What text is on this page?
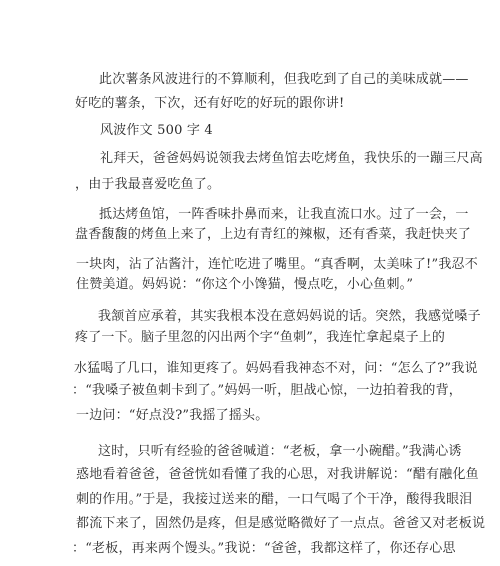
此次薯条风波进行的不算顺利，但我吃到了自己的美味成就——
好吃的薯条，下次，还有好吃的好玩的跟你讲!
风波作文 500 字 4
礼拜天，爸爸妈妈说领我去烤鱼馆去吃烤鱼，我快乐的一蹦三尺高
，由于我最喜爱吃鱼了。
抵达烤鱼馆，一阵香味扑鼻而来，让我直流口水。过了一会，一
盘香馥馥的烤鱼上来了，上边有青红的辣椒，还有香菜，我赶快夹了
一块肉，沾了沾酱汁，连忙吃进了嘴里。“真香啊，太美味了!”我忍不
住赞美道。妈妈说：“你这个小馋猫，慢点吃，小心鱼刺。”
我颔首应承着，其实我根本没在意妈妈说的话。突然，我感觉嗓子
疼了一下。脑子里忽的闪出两个字“鱼刺”，我连忙拿起桌子上的
水猛喝了几口，谁知更疼了。妈妈看我神态不对，问：“怎么了?”我说
：“我嗓子被鱼刺卡到了。”妈妈一听，胆战心惊，一边拍着我的背，
一边问：“好点没?”我摇了摇头。
这时，只听有经验的爸爸喊道：“老板，拿一小碗醋。”我满心诱
惑地看着爸爸，爸爸恍如看懂了我的心思，对我讲解说：“醋有融化鱼
刺的作用。”于是，我接过送来的醋，一口气喝了个干净，酸得我眼泪
都流下来了，固然仍是疼，但是感觉略微好了一点点。爸爸又对老板说
：“老板，再来两个馒头。”我说：“爸爸，我都这样了，你还存心思
